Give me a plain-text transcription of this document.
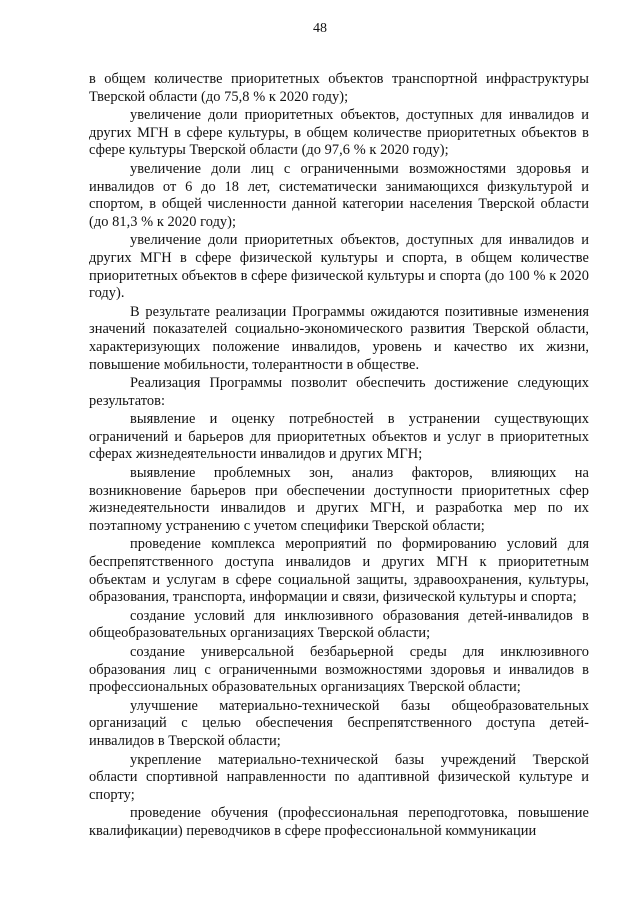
48

в общем количестве приоритетных объектов транспортной инфраструктуры Тверской области (до 75,8 % к 2020 году);

увеличение доли приоритетных объектов, доступных для инвалидов и других МГН в сфере культуры, в общем количестве приоритетных объектов в сфере культуры Тверской области (до 97,6 % к 2020 году);

увеличение доли лиц с ограниченными возможностями здоровья и инвалидов от 6 до 18 лет, систематически занимающихся физкультурой и спортом, в общей численности данной категории населения Тверской области (до 81,3 % к 2020 году);

увеличение доли приоритетных объектов, доступных для инвалидов и других МГН в сфере физической культуры и спорта, в общем количестве приоритетных объектов в сфере физической культуры и спорта (до 100 % к 2020 году).

В результате реализации Программы ожидаются позитивные изменения значений показателей социально-экономического развития Тверской области, характеризующих положение инвалидов, уровень и качество их жизни, повышение мобильности, толерантности в обществе.

Реализация Программы позволит обеспечить достижение следующих результатов:

выявление и оценку потребностей в устранении существующих ограничений и барьеров для приоритетных объектов и услуг в приоритетных сферах жизнедеятельности инвалидов и других МГН;

выявление проблемных зон, анализ факторов, влияющих на возникновение барьеров при обеспечении доступности приоритетных сфер жизнедеятельности инвалидов и других МГН, и разработка мер по их поэтапному устранению с учетом специфики Тверской области;

проведение комплекса мероприятий по формированию условий для беспрепятственного доступа инвалидов и других МГН к приоритетным объектам и услугам в сфере социальной защиты, здравоохранения, культуры, образования, транспорта, информации и связи, физической культуры и спорта;

создание условий для инклюзивного образования детей-инвалидов в общеобразовательных организациях Тверской области;

создание универсальной безбарьерной среды для инклюзивного образования лиц с ограниченными возможностями здоровья и инвалидов в профессиональных образовательных организациях Тверской области;

улучшение материально-технической базы общеобразовательных организаций с целью обеспечения беспрепятственного доступа детей-инвалидов в Тверской области;

укрепление материально-технической базы учреждений Тверской области спортивной направленности по адаптивной физической культуре и спорту;

проведение обучения (профессиональная переподготовка, повышение квалификации) переводчиков в сфере профессиональной коммуникации
